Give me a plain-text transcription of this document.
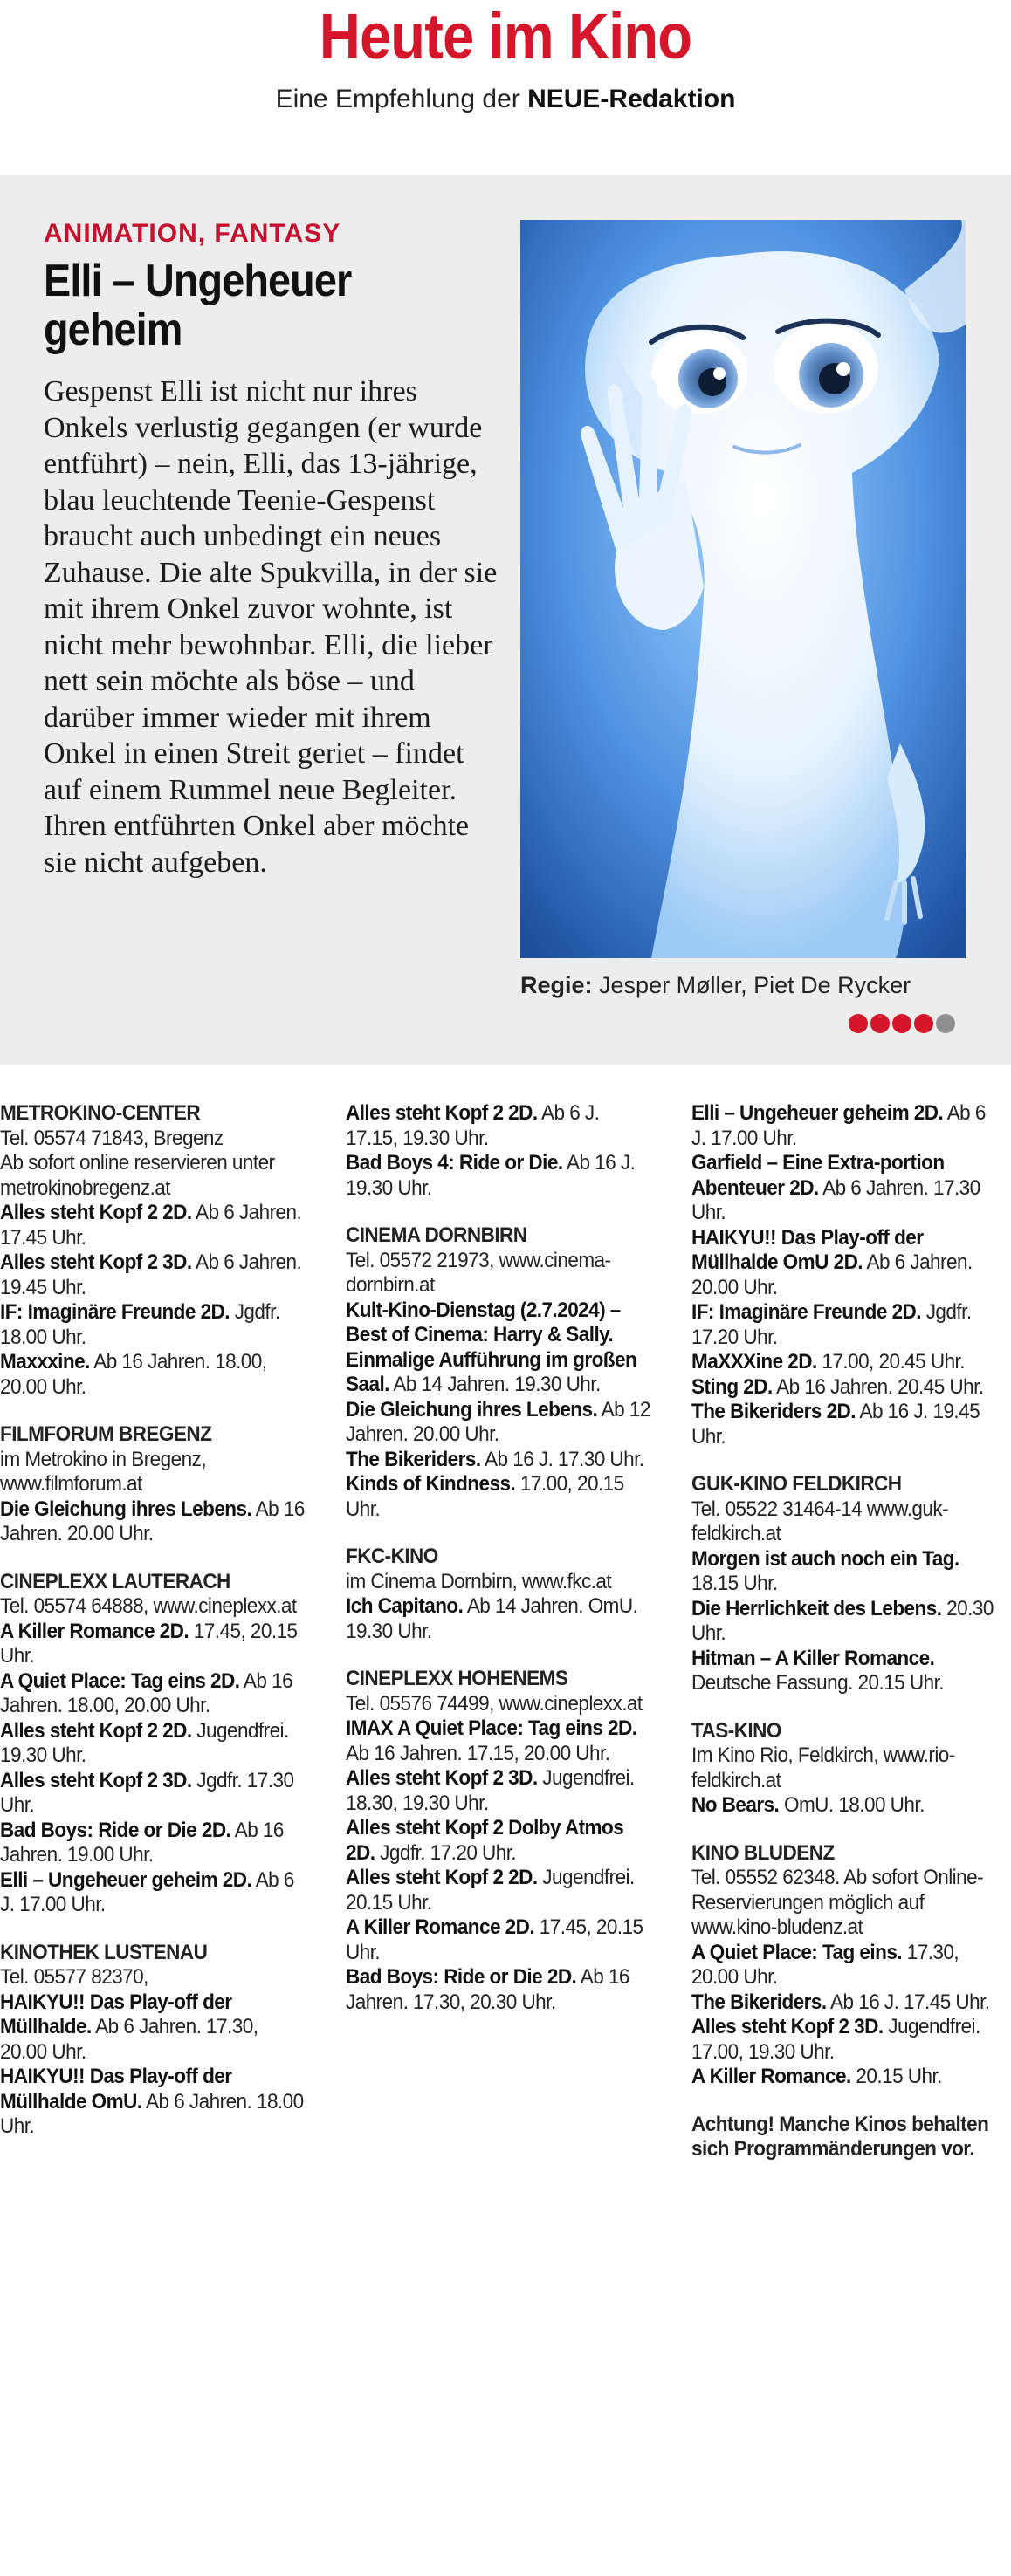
Heute im Kino
Eine Empfehlung der NEUE-Redaktion
ANIMATION, FANTASY
Elli – Ungeheuer geheim
Gespenst Elli ist nicht nur ihres Onkels verlustig gegangen (er wurde entführt) – nein, Elli, das 13-jährige, blau leuchtende Teenie-Gespenst braucht auch unbedingt ein neues Zuhause. Die alte Spukvilla, in der sie mit ihrem Onkel zuvor wohnte, ist nicht mehr bewohnbar. Elli, die lieber nett sein möchte als böse – und darüber immer wieder mit ihrem Onkel in einen Streit geriet – findet auf einem Rummel neue Begleiter. Ihren entführten Onkel aber möchte sie nicht aufgeben.
Regie: Jesper Møller, Piet De Rycker

METROKINO-CENTER

Tel. 05574 71843, Bregenz

Ab sofort online reservieren unter metrokinobregenz.at

Alles steht Kopf 2 2D. Ab 6 Jahren. 17.45 Uhr.

Alles steht Kopf 2 3D. Ab 6 Jahren. 19.45 Uhr.

IF: Imaginäre Freunde 2D. Jgdfr. 18.00 Uhr.

Maxxxine. Ab 16 Jahren. 18.00, 20.00 Uhr.

FILMFORUM BREGENZ

im Metrokino in Bregenz, www.filmforum.at

Die Gleichung ihres Lebens. Ab 16 Jahren. 20.00 Uhr.

CINEPLEXX LAUTERACH

Tel. 05574 64888, www.cineplexx.at

A Killer Romance 2D. 17.45, 20.15 Uhr.

A Quiet Place: Tag eins 2D. Ab 16 Jahren. 18.00, 20.00 Uhr.

Alles steht Kopf 2 2D. Jugendfrei. 19.30 Uhr.

Alles steht Kopf 2 3D. Jgdfr. 17.30 Uhr.

Bad Boys: Ride or Die 2D. Ab 16 Jahren. 19.00 Uhr.

Elli – Ungeheuer geheim 2D. Ab 6 J. 17.00 Uhr.

KINOTHEK LUSTENAU

Tel. 05577 82370,

HAIKYU!! Das Play-off der Müllhalde. Ab 6 Jahren. 17.30, 20.00 Uhr.

HAIKYU!! Das Play-off der Müllhalde OmU. Ab 6 Jahren. 18.00 Uhr.

Alles steht Kopf 2 2D. Ab 6 J. 17.15, 19.30 Uhr.

Bad Boys 4: Ride or Die. Ab 16 J. 19.30 Uhr.

CINEMA DORNBIRN

Tel. 05572 21973, www.cinema-dornbirn.at

Kult-Kino-Dienstag (2.7.2024) – Best of Cinema: Harry & Sally. Einmalige Aufführung im großen Saal. Ab 14 Jahren. 19.30 Uhr.

Die Gleichung ihres Lebens. Ab 12 Jahren. 20.00 Uhr.

The Bikeriders. Ab 16 J. 17.30 Uhr.

Kinds of Kindness. 17.00, 20.15 Uhr.

FKC-KINO

im Cinema Dornbirn, www.fkc.at

Ich Capitano. Ab 14 Jahren. OmU. 19.30 Uhr.

CINEPLEXX HOHENEMS

Tel. 05576 74499, www.cineplexx.at

IMAX A Quiet Place: Tag eins 2D. Ab 16 Jahren. 17.15, 20.00 Uhr.

Alles steht Kopf 2 3D. Jugendfrei. 18.30, 19.30 Uhr.

Alles steht Kopf 2 Dolby Atmos 2D. Jgdfr. 17.20 Uhr.

Alles steht Kopf 2 2D. Jugendfrei. 20.15 Uhr.

A Killer Romance 2D. 17.45, 20.15 Uhr.

Bad Boys: Ride or Die 2D. Ab 16 Jahren. 17.30, 20.30 Uhr.

Elli – Ungeheuer geheim 2D. Ab 6 J. 17.00 Uhr.

Garfield – Eine Extra-portion Abenteuer 2D. Ab 6 Jahren. 17.30 Uhr.

HAIKYU!! Das Play-off der Müllhalde OmU 2D. Ab 6 Jahren. 20.00 Uhr.

IF: Imaginäre Freunde 2D. Jgdfr. 17.20 Uhr.

MaXXXine 2D. 17.00, 20.45 Uhr.

Sting 2D. Ab 16 Jahren. 20.45 Uhr.

The Bikeriders 2D. Ab 16 J. 19.45 Uhr.

GUK-KINO FELDKIRCH

Tel. 05522 31464-14 www.guk-feldkirch.at

Morgen ist auch noch ein Tag. 18.15 Uhr.

Die Herrlichkeit des Lebens. 20.30 Uhr.

Hitman – A Killer Romance. Deutsche Fassung. 20.15 Uhr.

TAS-KINO

Im Kino Rio, Feldkirch, www.rio-feldkirch.at

No Bears. OmU. 18.00 Uhr.

KINO BLUDENZ

Tel. 05552 62348. Ab sofort Online-Reservierungen möglich auf www.kino-bludenz.at

A Quiet Place: Tag eins. 17.30, 20.00 Uhr.

The Bikeriders. Ab 16 J. 17.45 Uhr.

Alles steht Kopf 2 3D. Jugendfrei. 17.00, 19.30 Uhr.

A Killer Romance. 20.15 Uhr.

Achtung! Manche Kinos behalten sich Programmänderungen vor.
